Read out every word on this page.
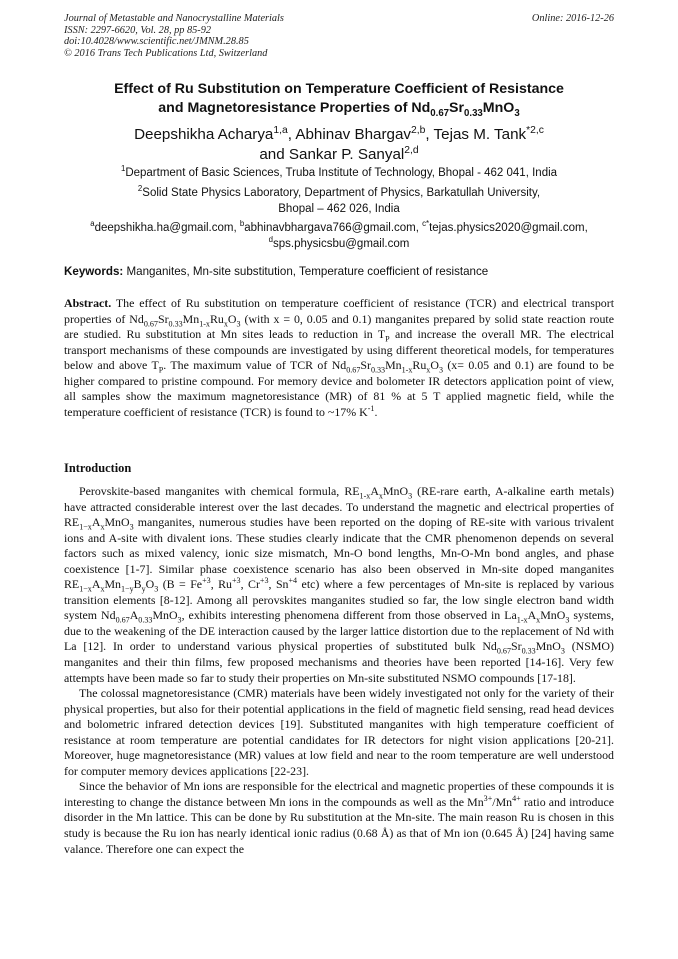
Journal of Metastable and Nanocrystalline Materials
ISSN: 2297-6620, Vol. 28, pp 85-92
doi:10.4028/www.scientific.net/JMNM.28.85
© 2016 Trans Tech Publications Ltd, Switzerland
Online: 2016-12-26
Effect of Ru Substitution on Temperature Coefficient of Resistance
and Magnetoresistance Properties of $Nd_{0.67}Sr_{0.33}MnO_3$
Deepshikha Acharya$^{1,a}$, Abhinav Bhargav$^{2,b}$, Tejas M. Tank$^{*2,c}$
and Sankar P. Sanyal$^{2,d}$
$^1$Department of Basic Sciences, Truba Institute of Technology, Bhopal - 462 041, India
$^2$Solid State Physics Laboratory, Department of Physics, Barkatullah University,
Bhopal – 462 026, India
$^a$deepshikha.ha@gmail.com, $^b$abhinavbhargava766@gmail.com, $^{c*}$tejas.physics2020@gmail.com,
$^d$sps.physicsbu@gmail.com
Keywords: Manganites, Mn-site substitution, Temperature coefficient of resistance

Abstract. The effect of Ru substitution on temperature coefficient of resistance (TCR) and electrical transport properties of $Nd_{0.67}Sr_{0.33}Mn_{1-x}Ru_xO_3$ (with x = 0, 0.05 and 0.1) manganites prepared by solid state reaction route are studied. Ru substitution at Mn sites leads to reduction in $T_P$ and increase the overall MR. The electrical transport mechanisms of these compounds are investigated by using different theoretical models, for temperatures below and above $T_P$. The maximum value of TCR of $Nd_{0.67}Sr_{0.33}Mn_{1-x}Ru_xO_3$ (x= 0.05 and 0.1) are found to be higher compared to pristine compound. For memory device and bolometer IR detectors application point of view, all samples show the maximum magnetoresistance (MR) of 81 % at 5 T applied magnetic field, while the temperature coefficient of resistance (TCR) is found to ~17% $K^{-1}$.

Introduction

Perovskite-based manganites with chemical formula, $RE_{1-x}A_xMnO_3$ (RE-rare earth, A-alkaline earth metals) have attracted considerable interest over the last decades. To understand the magnetic and electrical properties of $RE_{1-x}A_xMnO_3$ manganites, numerous studies have been reported on the doping of RE-site with various trivalent ions and A-site with divalent ions. These studies clearly indicate that the CMR phenomenon depends on several factors such as mixed valency, ionic size mismatch, Mn-O bond lengths, Mn-O-Mn bond angles, and phase coexistence [1-7]. Similar phase coexistence scenario has also been observed in Mn-site doped manganites $RE_{1-x}A_xMn_{1-y}B_yO_3$ ($B = Fe^{+3}$, $Ru^{+3}$, $Cr^{+3}$, $Sn^{+4}$ etc) where a few percentages of Mn-site is replaced by various transition elements [8-12]. Among all perovskites manganites studied so far, the low single electron band width system $Nd_{0.67}A_{0.33}MnO_3$, exhibits interesting phenomena different from those observed in $La_{1-x}A_xMnO_3$ systems, due to the weakening of the DE interaction caused by the larger lattice distortion due to the replacement of Nd with La [12]. In order to understand various physical properties of substituted bulk $Nd_{0.67}Sr_{0.33}MnO_3$ (NSMO) manganites and their thin films, few proposed mechanisms and theories have been reported [14-16]. Very few attempts have been made so far to study their properties on Mn-site substituted NSMO compounds [17-18].

The colossal magnetoresistance (CMR) materials have been widely investigated not only for the variety of their physical properties, but also for their potential applications in the field of magnetic field sensing, read head devices and bolometric infrared detection devices [19]. Substituted manganites with high temperature coefficient of resistance at room temperature are potential candidates for IR detectors for night vision applications [20-21]. Moreover, huge magnetoresistance (MR) values at low field and near to the room temperature are well understood for computer memory devices applications [22-23].

Since the behavior of Mn ions are responsible for the electrical and magnetic properties of these compounds it is interesting to change the distance between Mn ions in the compounds as well as the $Mn^{3+}/Mn^{4+}$ ratio and introduce disorder in the Mn lattice. This can be done by Ru substitution at the Mn-site. The main reason Ru is chosen in this study is because the Ru ion has nearly identical ionic radius (0.68 Å) as that of Mn ion (0.645 Å) [24] having same valance. Therefore one can expect the
